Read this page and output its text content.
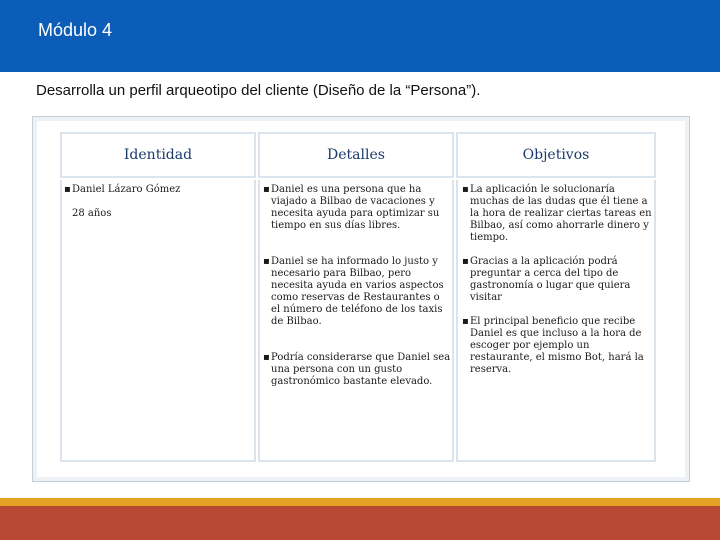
Módulo 4
Desarrolla un perfil arqueotipo del cliente (Diseño de la “Persona”).
Identidad	Detalles	Objetivos
▪ Daniel Lázaro Gómez
28 años
▪ Daniel es una persona que ha viajado a Bilbao de vacaciones y necesita ayuda para optimizar su tiempo en sus días libres.
▪ Daniel se ha informado lo justo y necesario para Bilbao, pero necesita ayuda en varios aspectos como reservas de Restaurantes o el número de teléfono de los taxis de Bilbao.
▪ Podría considerarse que Daniel sea una persona con un gusto gastronómico bastante elevado.
▪ La aplicación le solucionaría muchas de las dudas que él tiene a la hora de realizar ciertas tareas en Bilbao, así como ahorrarle dinero y tiempo.
▪ Gracias a la aplicación podrá preguntar a cerca del tipo de gastronomía o lugar que quiera visitar
▪ El principal beneficio que recibe Daniel es que incluso a la hora de escoger por ejemplo un restaurante, el mismo Bot, hará la reserva.
